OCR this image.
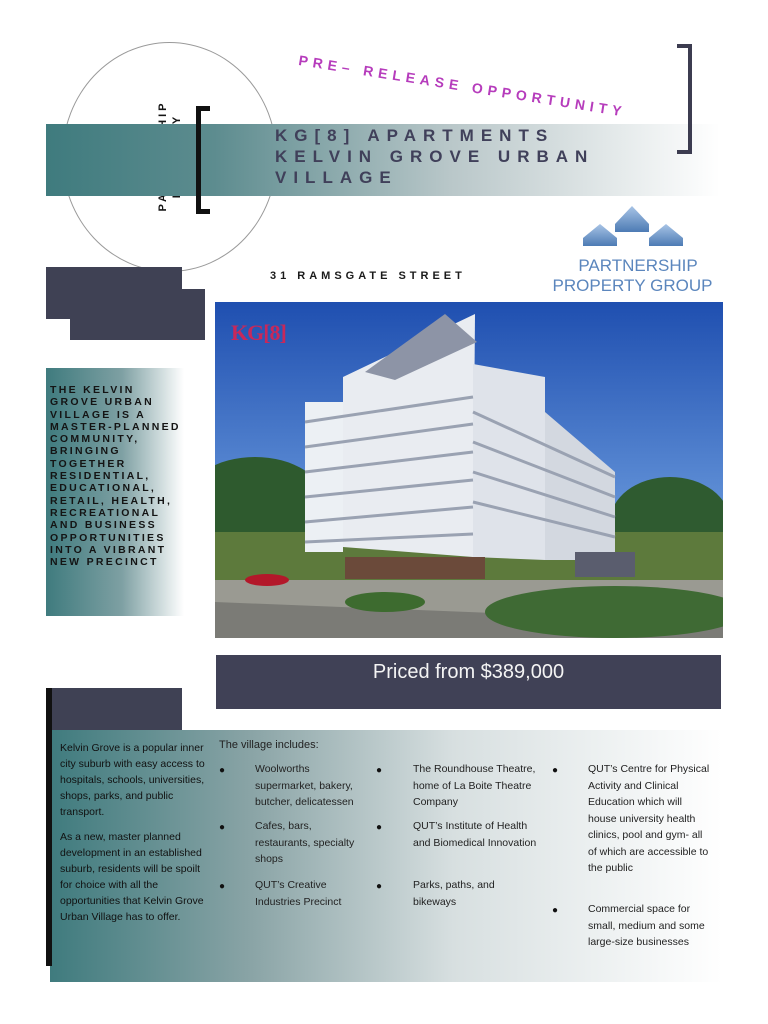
PRE– RELEASE OPPORTUNITY
KG[8] APARTMENTS
KELVIN GROVE URBAN
VILLAGE
31 RAMSGATE STREET
PARTNERSHIP
PROPERTY GROUP
THE KELVIN GROVE URBAN VILLAGE IS A MASTER-PLANNED COMMUNITY, BRINGING TOGETHER RESIDENTIAL, EDUCATIONAL, RETAIL, HEALTH, RECREATIONAL AND BUSINESS OPPORTUNITIES INTO A VIBRANT NEW PRECINCT
KG[8]
Priced from $389,000
Kelvin Grove is a popular inner city suburb with easy access to hospitals, schools, universities, shops, parks, and public transport.
As a new, master planned development in an established suburb, residents will be spoilt for choice with all the opportunities that Kelvin Grove Urban Village has to offer.
The village includes:
●	Woolworths supermarket, bakery, butcher, delicatessen
●	Cafes, bars, restaurants, specialty shops
●	QUT’s Creative Industries Precinct
●	The Roundhouse Theatre, home of La Boite Theatre Company
●	QUT’s Institute of Health and Biomedical Innovation
●	Parks, paths, and bikeways
●	QUT’s Centre for Physical Activity and Clinical Education which will house university health clinics, pool and gym- all of which are accessible to the public
●	Commercial space for small, medium and some large-size businesses
